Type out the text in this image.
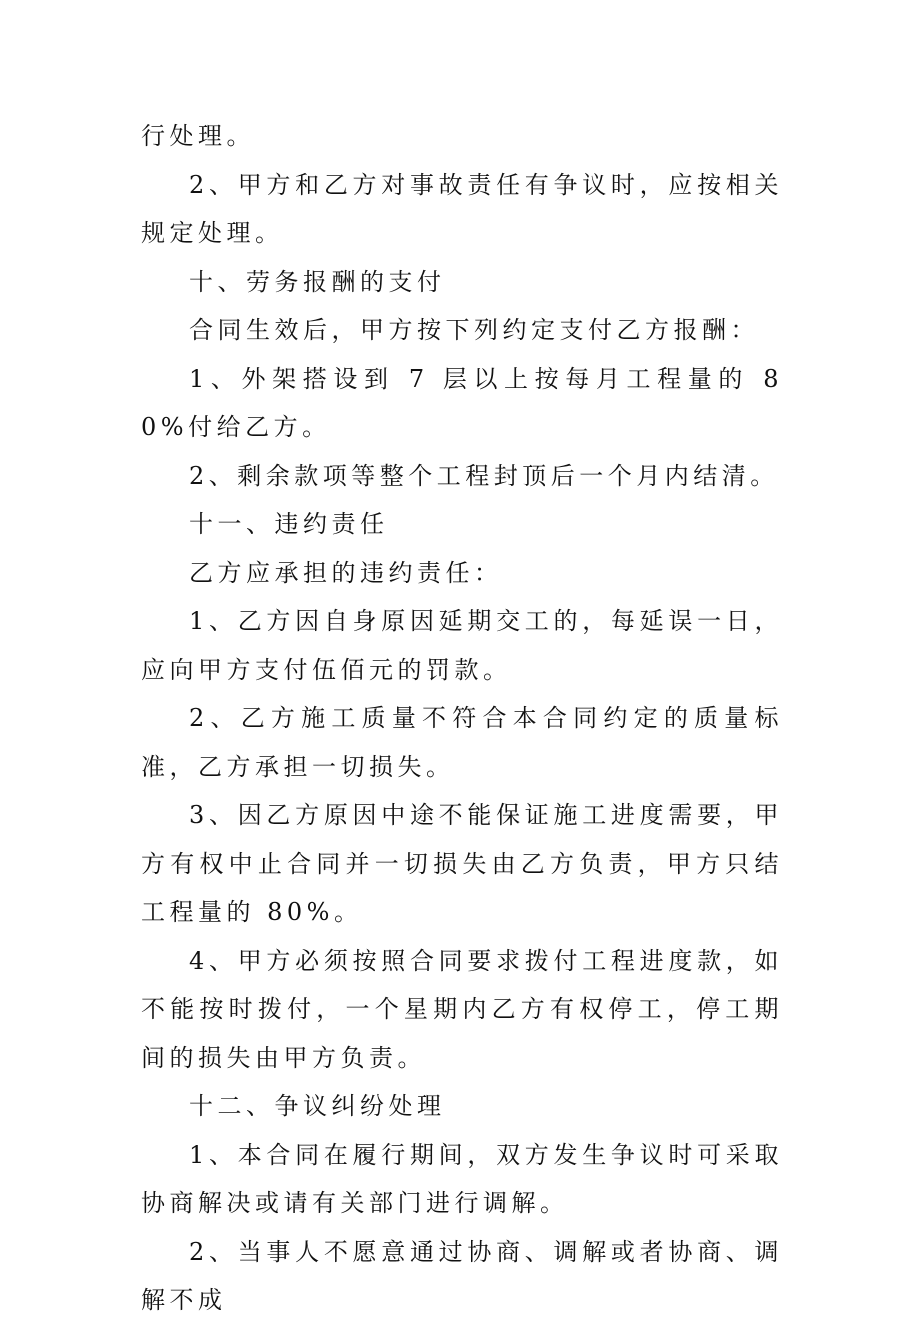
行处理。

2、甲方和乙方对事故责任有争议时，应按相关规定处理。

十、劳务报酬的支付

合同生效后，甲方按下列约定支付乙方报酬：

1、外架搭设到 7 层以上按每月工程量的 80%付给乙方。

2、剩余款项等整个工程封顶后一个月内结清。

十一、违约责任

乙方应承担的违约责任：

1、乙方因自身原因延期交工的，每延误一日，应向甲方支付伍佰元的罚款。

2、乙方施工质量不符合本合同约定的质量标准，乙方承担一切损失。

3、因乙方原因中途不能保证施工进度需要，甲方有权中止合同并一切损失由乙方负责，甲方只结工程量的 80%。

4、甲方必须按照合同要求拨付工程进度款，如不能按时拨付，一个星期内乙方有权停工，停工期间的损失由甲方负责。

十二、争议纠纷处理

1、本合同在履行期间，双方发生争议时可采取协商解决或请有关部门进行调解。

2、当事人不愿意通过协商、调解或者协商、调解不成
